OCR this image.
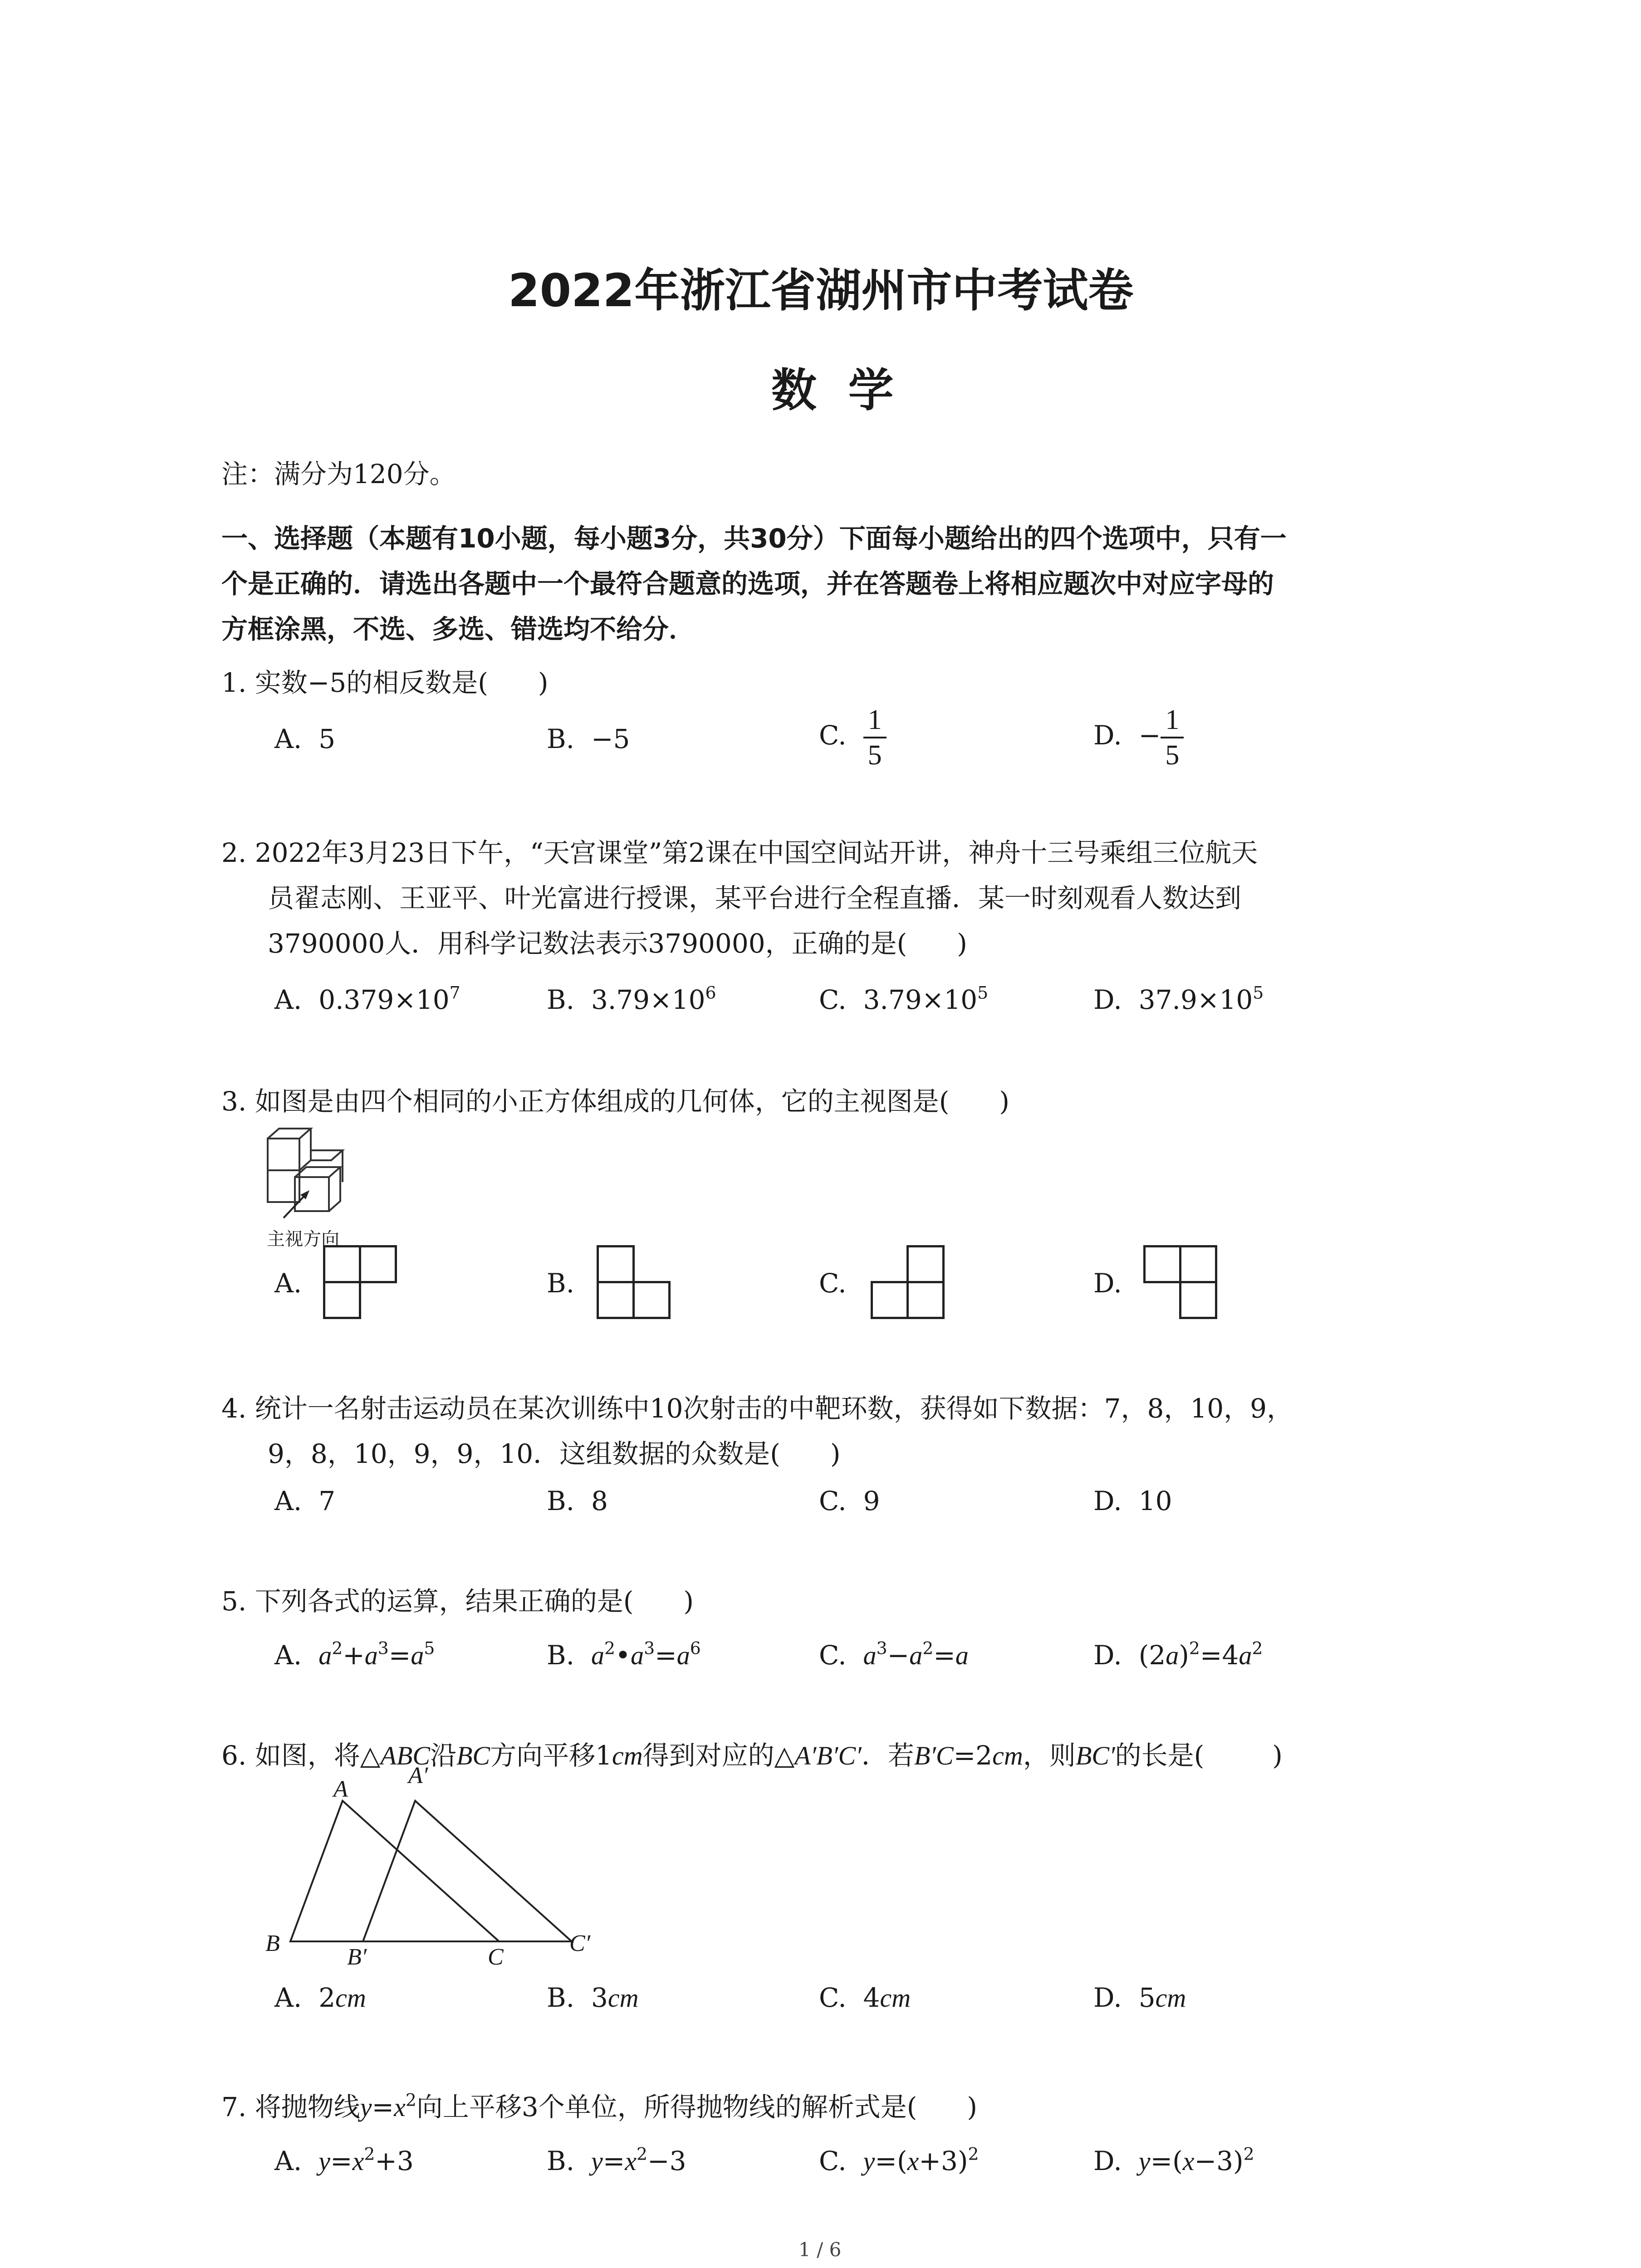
2022年浙江省湖州市中考试卷
数  学
注：满分为120分。
一、选择题（本题有10小题，每小题3分，共30分）下面每小题给出的四个选项中，只有一
个是正确的．请选出各题中一个最符合题意的选项，并在答题卷上将相应题次中对应字母的
方框涂黑，不选、多选、错选均不给分．
1. 实数−5的相反数是( )
A. 5	B. −5	C. $\frac{1}{5}$	D. − $\frac{1}{5}$
2. 2022年3月23日下午，“天宫课堂”第2课在中国空间站开讲，神舟十三号乘组三位航天
员翟志刚、王亚平、叶光富进行授课，某平台进行全程直播．某一时刻观看人数达到
3790000人．用科学记数法表示3790000，正确的是( )
A. $0.379\times 10^7$	B. $3.79\times 10^6$	C. $3.79\times 10^5$	D. $37.9\times 10^5$
3. 如图是由四个相同的小正方体组成的几何体，它的主视图是( )
主视方向
A.	B.	C.	D.
4. 统计一名射击运动员在某次训练中10次射击的中靶环数，获得如下数据：7，8，10，9，
9，8，10，9，9，10．这组数据的众数是( )
A. 7	B. 8	C. 9	D. 10
5. 下列各式的运算，结果正确的是( )
A. $a^2+a^3=a^5$	B. $a^2•a^3=a^6$	C. $a^3-a^2=a$	D.  $(2a)^2=4a^2$
6. 如图，将△ABC沿BC方向平移1cm得到对应的△A′B′C′．若B′C=2cm，则BC′的长是(	)
A
A′
B
B′	C
C′
A. 2cm	B. 3cm	C. 4cm	D. 5cm
7. 将抛物线$y=x^2$向上平移3个单位，所得抛物线的解析式是( )
A. $y=x^2+3$	B. $y=x^2-3$	C. $y=(x+3)^2$	D. $y=(x-3)^2$
1 / 6
